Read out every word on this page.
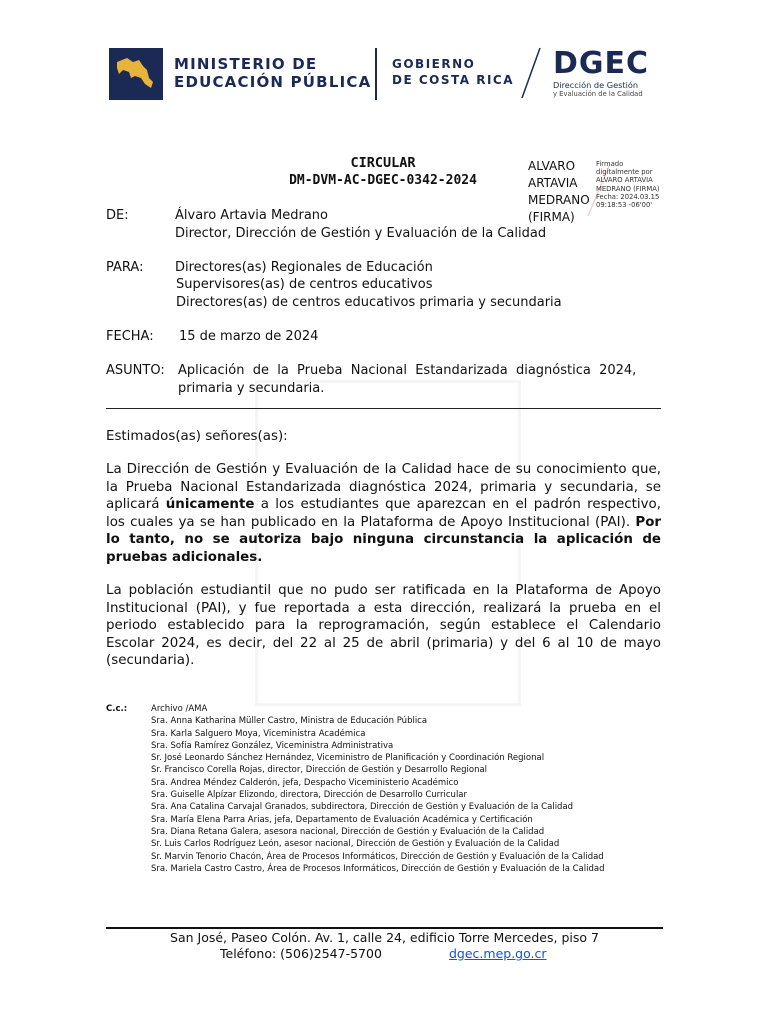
MINISTERIO DE
EDUCACIÓN PÚBLICA
GOBIERNO
DE COSTA RICA DGEC
Dirección de Gestión
y Evaluación de la Calidad
CIRCULAR
DM-DVM-AC-DGEC-0342-2024
ALVARO
ARTAVIA
MEDRANO
(FIRMA)
Firmado
digitalmente por
ALVARO ARTAVIA
MEDRANO (FIRMA)
Fecha: 2024.03.15
09:18:53 -06'00'
DE:	Álvaro Artavia Medrano
Director, Dirección de Gestión y Evaluación de la Calidad
PARA: Directores(as) Regionales de Educación
Supervisores(as) de centros educativos
Directores(as) de centros educativos primaria y secundaria
FECHA: 15 de marzo de 2024
ASUNTO: Aplicación  de  la  Prueba  Nacional  Estandarizada  diagnóstica  2024,
primaria y secundaria.
Estimados(as) señores(as):
La Dirección de Gestión y Evaluación de la Calidad hace de su conocimiento que, la Prueba Nacional Estandarizada diagnóstica 2024, primaria y secundaria, se aplicará únicamente a los estudiantes que aparezcan en el padrón respectivo, los cuales ya se han publicado en la Plataforma de Apoyo Institucional (PAI). Por lo tanto, no se autoriza bajo ninguna circunstancia la aplicación de pruebas adicionales.
La población estudiantil que no pudo ser ratificada en la Plataforma de Apoyo Institucional (PAI), y fue reportada a esta dirección, realizará la prueba en el periodo establecido para la reprogramación, según establece el Calendario Escolar 2024, es decir, del 22 al 25 de abril (primaria) y del 6 al 10 de mayo (secundaria).
C.c.:	Archivo /AMA
Sra. Anna Katharina Müller Castro, Ministra de Educación Pública
Sra. Karla Salguero Moya, Viceministra Académica
Sra. Sofía Ramírez González, Viceministra Administrativa
Sr. José Leonardo Sánchez Hernández, Viceministro de Planificación y Coordinación Regional
Sr. Francisco Corella Rojas, director, Dirección de Gestión y Desarrollo Regional
Sra. Andrea Méndez Calderón, jefa, Despacho Viceministerio Académico
Sra. Guiselle Alpízar Elizondo, directora, Dirección de Desarrollo Curricular
Sra. Ana Catalina Carvajal Granados, subdirectora, Dirección de Gestión y Evaluación de la Calidad
Sra. María Elena Parra Arias, jefa, Departamento de Evaluación Académica y Certificación
Sra. Diana Retana Galera, asesora nacional, Dirección de Gestión y Evaluación de la Calidad
Sr. Luis Carlos Rodríguez León, asesor nacional, Dirección de Gestión y Evaluación de la Calidad
Sr. Marvin Tenorio Chacón, Área de Procesos Informáticos, Dirección de Gestión y Evaluación de la Calidad
Sra. Mariela Castro Castro, Área de Procesos Informáticos, Dirección de Gestión y Evaluación de la Calidad
San José, Paseo Colón. Av. 1, calle 24, edificio Torre Mercedes, piso 7
Teléfono: (506)2547-5700	dgec.mep.go.cr
